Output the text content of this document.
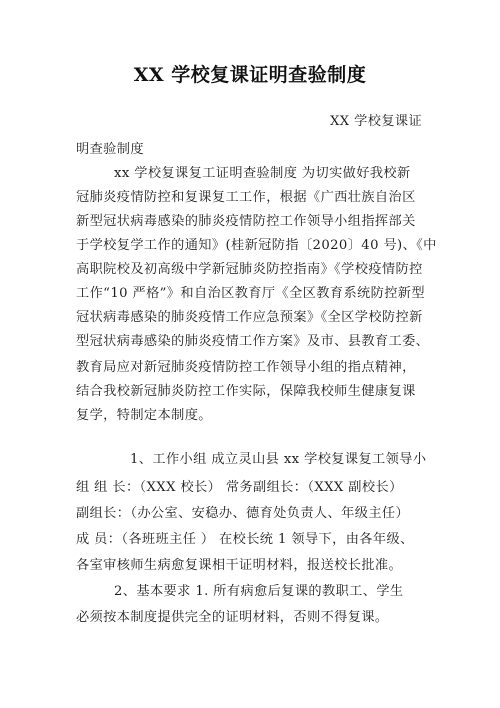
XX 学校复课证明查验制度
XX 学校复课证
明查验制度
xx 学校复课复工证明查验制度 为切实做好我校新
冠肺炎疫情防控和复课复工工作，根据《广西壮族自治区
新型冠状病毒感染的肺炎疫情防控工作领导小组指挥部关
于学校复学工作的通知》(桂新冠防指〔2020〕40 号)、《中
高职院校及初高级中学新冠肺炎防控指南》《学校疫情防控
工作“10 严格”》和自治区教育厅《全区教育系统防控新型
冠状病毒感染的肺炎疫情工作应急预案》《全区学校防控新
型冠状病毒感染的肺炎疫情工作方案》及市、县教育工委、
教育局应对新冠肺炎疫情防控工作领导小组的指点精神，
结合我校新冠肺炎防控工作实际，保障我校师生健康复课
复学，特制定本制度。
1、工作小组 成立灵山县 xx 学校复课复工领导小
组 组 长：（XXX 校长） 常务副组长：（XXX 副校长）
副组长：（办公室、安稳办、德育处负责人、年级主任）
成 员：（各班班主任 ） 在校长统 1 领导下，由各年级、
各室审核师生病愈复课相干证明材料，报送校长批准。
2、基本要求 1. 所有病愈后复课的教职工、学生
必须按本制度提供完全的证明材料，否则不得复课。
